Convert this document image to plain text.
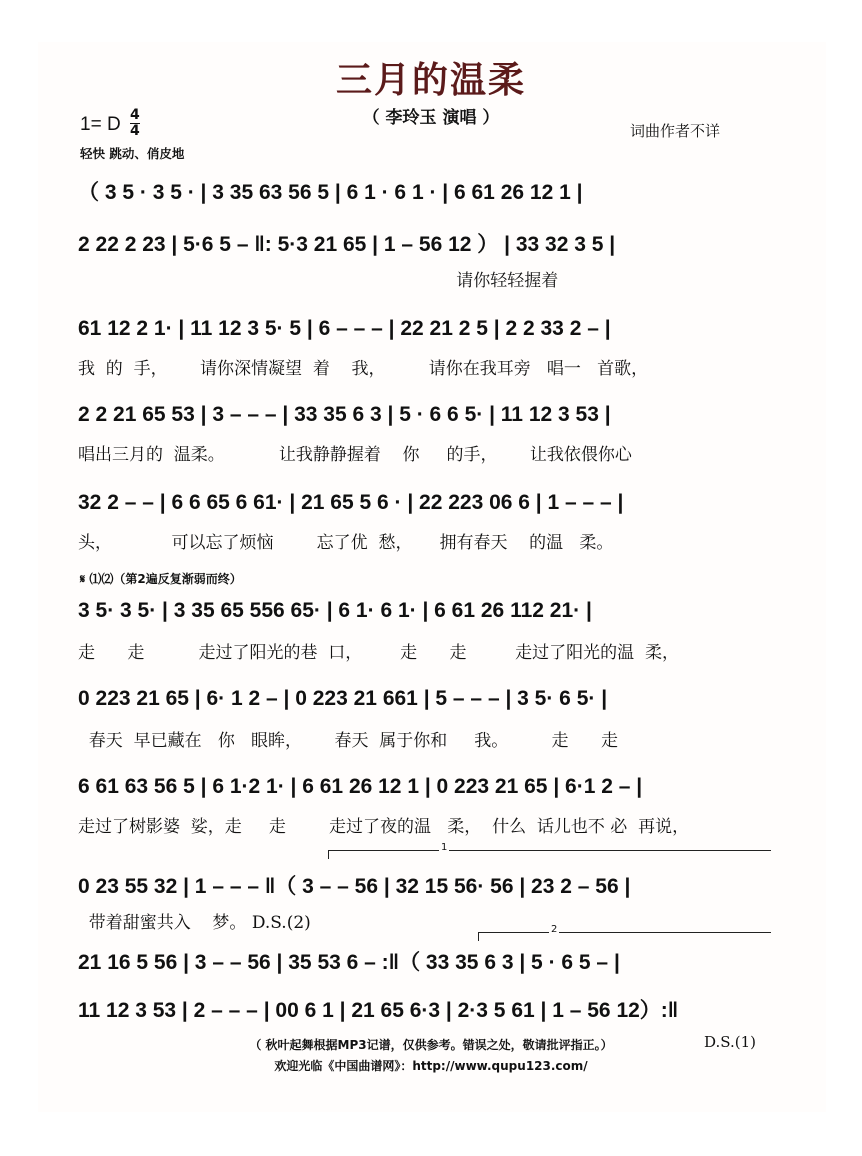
三月的温柔
（ 李玲玉 演唱 ）
1= D $\frac{4}{4}$
轻快 跳动、俏皮地
词曲作者不详
（ 3 5 · 3 5 · | 3 35 63 56 5 | 6 1 · 6 1 · | 6 61 26 12 1 |
2 22 2 23 | 5·6 5 – ‖: 5·3 21 65 | 1 – 56 12 ） | 33 32 3 5 |
请你轻轻握着
61 12 2 1· | 11 12 3 5· 5 | 6 – – – | 22 21 2 5 | 2 2 33 2 – |
我  的  手，      请你深情凝望  着    我，        请你在我耳旁   唱一   首歌，
2 2 21 65 53 | 3 – – – | 33 35 6 3 | 5 · 6 6 5· | 11 12 3 53 |
唱出三月的  温柔。          让我静静握着    你     的手，      让我依偎你心
32 2 – – | 6 6 65 6 61· | 21 65 5 6 · | 22 223 06 6 | 1 – – – |
头，           可以忘了烦恼        忘了优  愁，     拥有春天    的温   柔。
𝄋 ⑴⑵（第2遍反复渐弱而终）
3 5· 3 5· | 3 35 65 556 65· | 6 1· 6 1· | 6 61 26 112 21· |
走      走          走过了阳光的巷  口，       走      走         走过了阳光的温  柔，
0 223 21 65 | 6· 1 2 – | 0 223 21 661 | 5 – – – | 3 5· 6 5· |
春天  早已藏在   你   眼眸，      春天  属于你和     我。        走      走
6 61 63 56 5 | 6 1·2 1· | 6 61 26 12 1 | 0 223 21 65 | 6·1 2 – |
走过了树影婆  娑，走     走        走过了夜的温   柔，  什么  话儿也不 必  再说，
1
0 23 55 32 | 1 – – – ‖（ 3 – – 56 | 32 15 56· 56 | 23 2 – 56 |
带着甜蜜共入    梦。 D.S.(2)	2
21 16 5 56 | 3 – – 56 | 35 53 6 – :‖（ 33 35 6 3 | 5 · 6 5 – |
11 12 3 53 | 2 – – – | 00 6 1 | 21 65 6·3 | 2·3 5 61 | 1 – 56 12）:‖
（ 秋叶起舞根据MP3记谱，仅供参考。错误之处，敬请批评指正。）	D.S.(1)
欢迎光临《中国曲谱网》：http://www.qupu123.com/
